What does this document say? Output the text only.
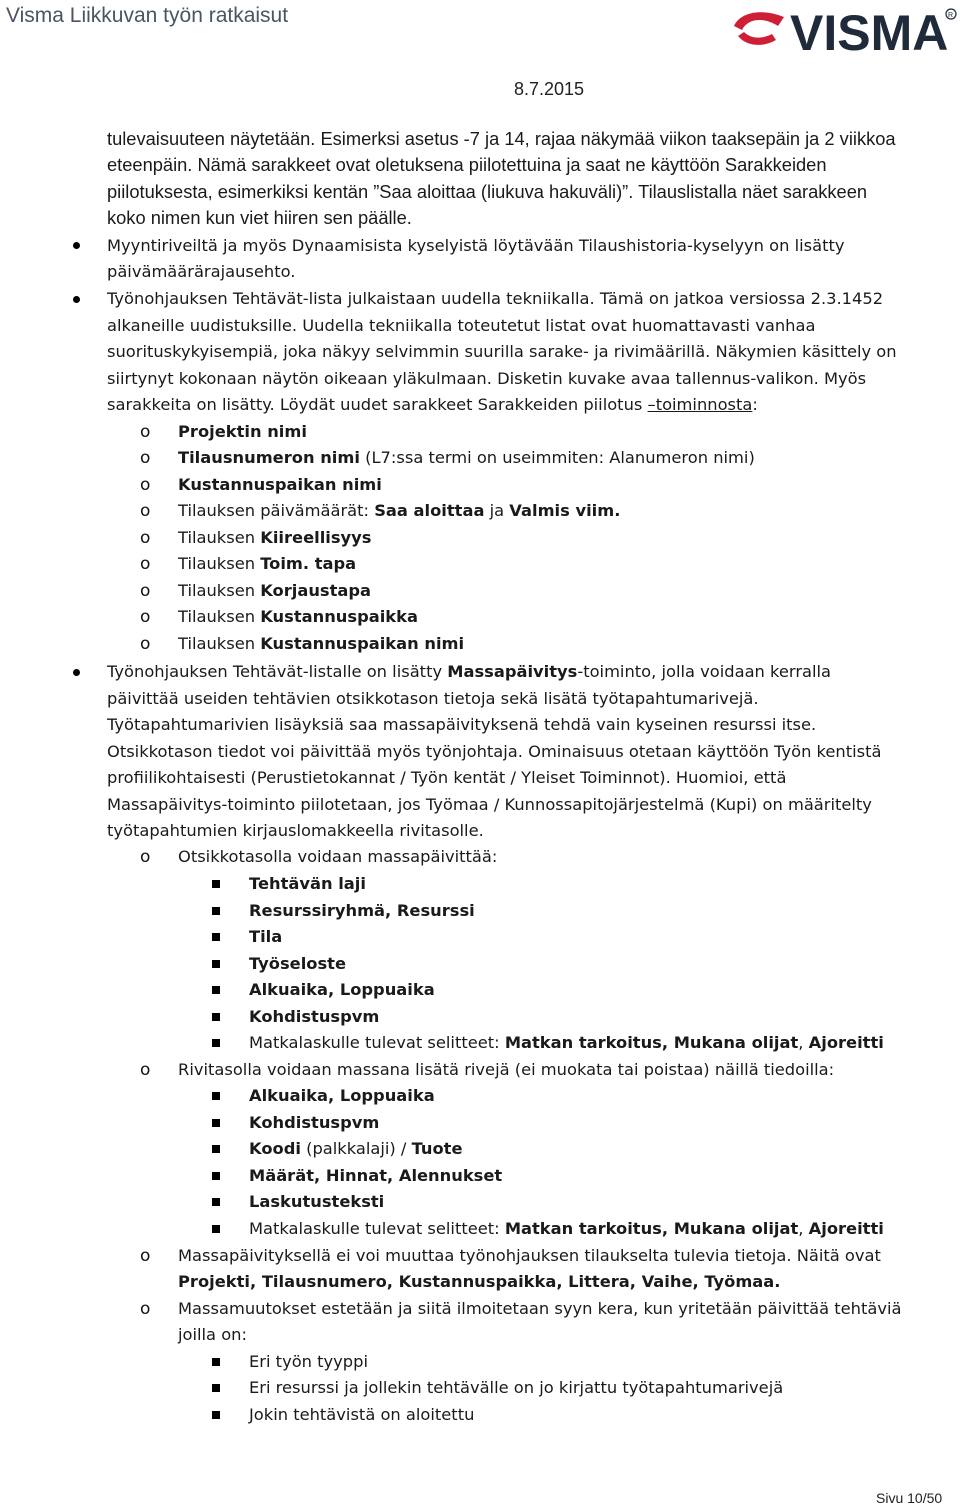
Visma Liikkuvan työn ratkaisut	VISMA R
8.7.2015
tulevaisuuteen näytetään. Esimerksi asetus -7 ja 14, rajaa näkymää viikon taaksepäin ja 2 viikkoa
eteenpäin. Nämä sarakkeet ovat oletuksena piilotettuina ja saat ne käyttöön Sarakkeiden
piilotuksesta, esimerkiksi kentän ”Saa aloittaa (liukuva hakuväli)”. Tilauslistalla näet sarakkeen
koko nimen kun viet hiiren sen päälle.
Myyntiriveiltä ja myös Dynaamisista kyselyistä löytävään Tilaushistoria-kyselyyn on lisätty
päivämäärärajausehto.
Työnohjauksen Tehtävät-lista julkaistaan uudella tekniikalla. Tämä on jatkoa versiossa 2.3.1452
alkaneille uudistuksille. Uudella tekniikalla toteutetut listat ovat huomattavasti vanhaa
suorituskykyisempiä, joka näkyy selvimmin suurilla sarake- ja rivimäärillä. Näkymien käsittely on
siirtynyt kokonaan näytön oikeaan yläkulmaan. Disketin kuvake avaa tallennus-valikon. Myös
sarakkeita on lisätty. Löydät uudet sarakkeet Sarakkeiden piilotus –toiminnosta:
o Projektin nimi
o Tilausnumeron nimi (L7:ssa termi on useimmiten: Alanumeron nimi)
o Kustannuspaikan nimi
o Tilauksen päivämäärät: Saa aloittaa ja Valmis viim.
o Tilauksen Kiireellisyys
o Tilauksen Toim. tapa
o Tilauksen Korjaustapa
o Tilauksen Kustannuspaikka
o Tilauksen Kustannuspaikan nimi
Työnohjauksen Tehtävät-listalle on lisätty Massapäivitys-toiminto, jolla voidaan kerralla
päivittää useiden tehtävien otsikkotason tietoja sekä lisätä työtapahtumarivejä.
Työtapahtumarivien lisäyksiä saa massapäivityksenä tehdä vain kyseinen resurssi itse.
Otsikkotason tiedot voi päivittää myös työnjohtaja. Ominaisuus otetaan käyttöön Työn kentistä
profiilikohtaisesti (Perustietokannat / Työn kentät / Yleiset Toiminnot). Huomioi, että
Massapäivitys-toiminto piilotetaan, jos Työmaa / Kunnossapitojärjestelmä (Kupi) on määritelty
työtapahtumien kirjauslomakkeella rivitasolle.
o Otsikkotasolla voidaan massapäivittää:
Tehtävän laji
Resurssiryhmä, Resurssi
Tila
Työseloste
Alkuaika, Loppuaika
Kohdistuspvm
Matkalaskulle tulevat selitteet: Matkan tarkoitus, Mukana olijat, Ajoreitti
o Rivitasolla voidaan massana lisätä rivejä (ei muokata tai poistaa) näillä tiedoilla:
Alkuaika, Loppuaika
Kohdistuspvm
Koodi (palkkalaji) / Tuote
Määrät, Hinnat, Alennukset
Laskutusteksti
Matkalaskulle tulevat selitteet: Matkan tarkoitus, Mukana olijat, Ajoreitti
o Massapäivityksellä ei voi muuttaa työnohjauksen tilaukselta tulevia tietoja. Näitä ovat
Projekti, Tilausnumero, Kustannuspaikka, Littera, Vaihe, Työmaa.
o Massamuutokset estetään ja siitä ilmoitetaan syyn kera, kun yritetään päivittää tehtäviä
joilla on:
Eri työn tyyppi
Eri resurssi ja jollekin tehtävälle on jo kirjattu työtapahtumarivejä
Jokin tehtävistä on aloitettu
Sivu 10/50
